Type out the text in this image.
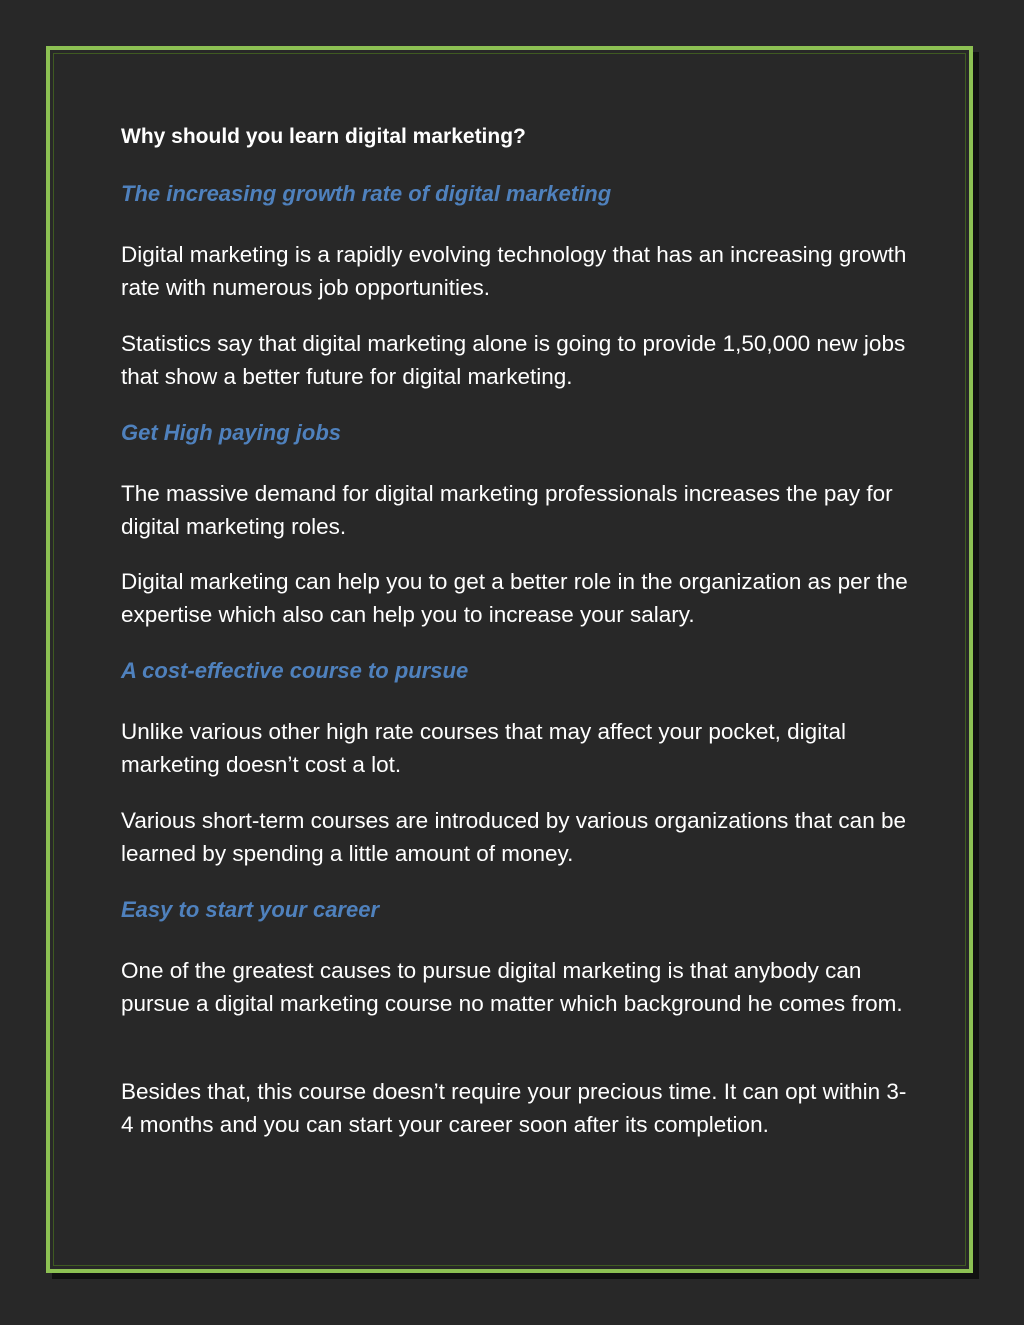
Why should you learn digital marketing?
The increasing growth rate of digital marketing

Digital marketing is a rapidly evolving technology that has an increasing growth rate with numerous job opportunities.

Statistics say that digital marketing alone is going to provide 1,50,000 new jobs that show a better future for digital marketing.

Get High paying jobs

The massive demand for digital marketing professionals increases the pay for digital marketing roles.

Digital marketing can help you to get a better role in the organization as per the expertise which also can help you to increase your salary.

A cost-effective course to pursue

Unlike various other high rate courses that may affect your pocket, digital marketing doesn’t cost a lot.

Various short-term courses are introduced by various organizations that can be learned by spending a little amount of money.

Easy to start your career

One of the greatest causes to pursue digital marketing is that anybody can pursue a digital marketing course no matter which background he comes from.

Besides that, this course doesn’t require your precious time. It can opt within 3-4 months and you can start your career soon after its completion.
